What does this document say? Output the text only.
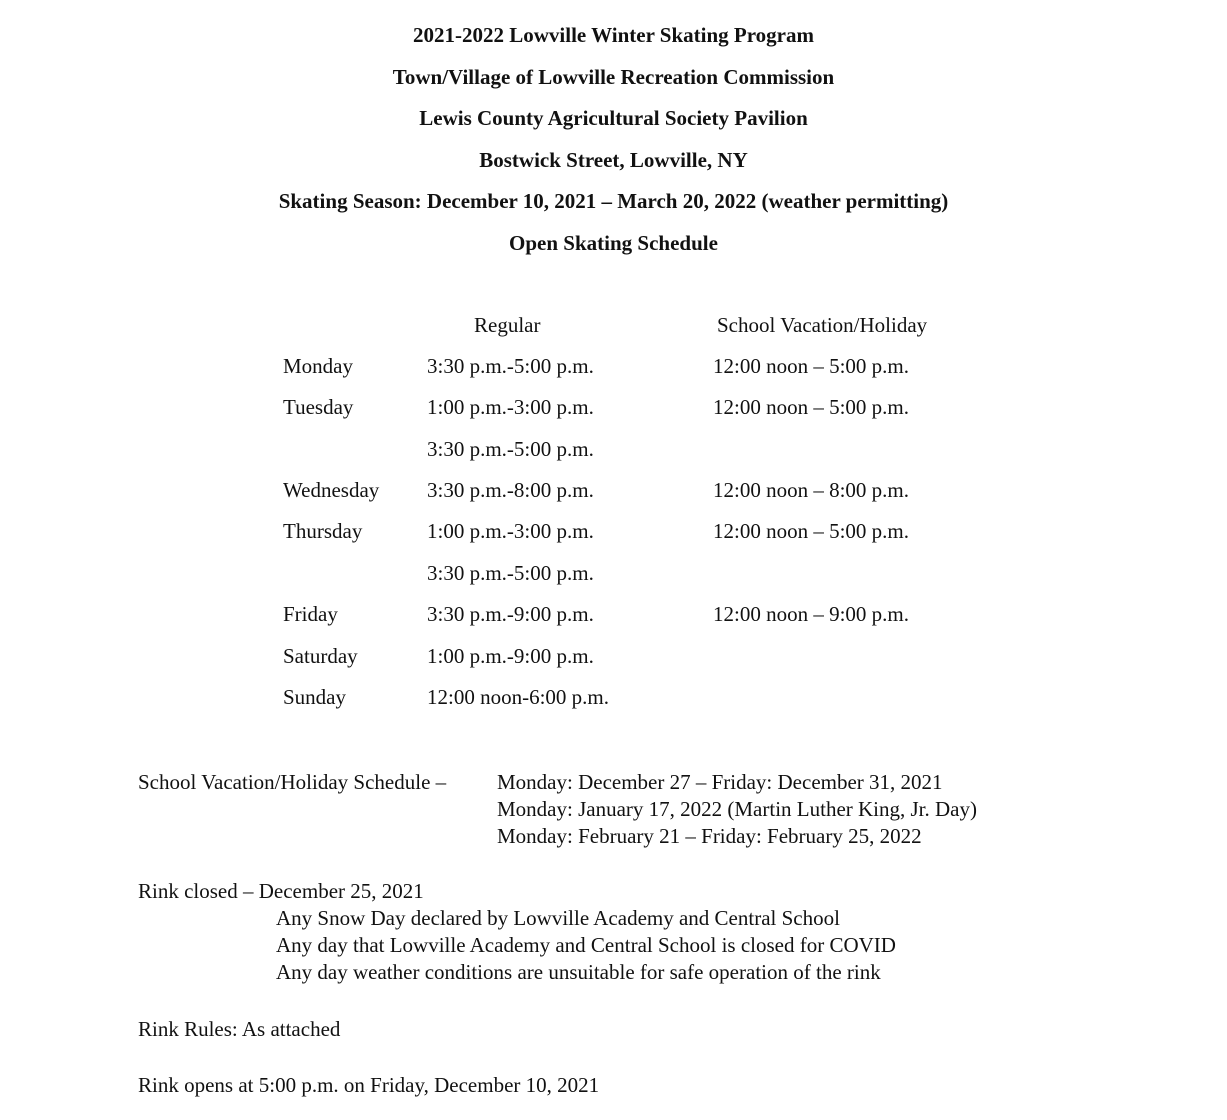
2021-2022 Lowville Winter Skating Program
Town/Village of Lowville Recreation Commission
Lewis County Agricultural Society Pavilion
Bostwick Street, Lowville, NY
Skating Season: December 10, 2021 – March 20, 2022 (weather permitting)
Open Skating Schedule
Regular	School Vacation/Holiday
Monday	3:30 p.m.-5:00 p.m.	12:00 noon – 5:00 p.m.
Tuesday	1:00 p.m.-3:00 p.m.	12:00 noon – 5:00 p.m.
3:30 p.m.-5:00 p.m.
Wednesday 3:30 p.m.-8:00 p.m.	12:00 noon – 8:00 p.m.
Thursday	1:00 p.m.-3:00 p.m.	12:00 noon – 5:00 p.m.
3:30 p.m.-5:00 p.m.
Friday	3:30 p.m.-9:00 p.m.	12:00 noon – 9:00 p.m.
Saturday	1:00 p.m.-9:00 p.m.
Sunday	12:00 noon-6:00 p.m.
School Vacation/Holiday Schedule – Monday: December 27 – Friday: December 31, 2021
Monday: January 17, 2022 (Martin Luther King, Jr. Day)
Monday: February 21 – Friday: February 25, 2022
Rink closed – December 25, 2021
Any Snow Day declared by Lowville Academy and Central School
Any day that Lowville Academy and Central School is closed for COVID
Any day weather conditions are unsuitable for safe operation of the rink
Rink Rules: As attached
Rink opens at 5:00 p.m. on Friday, December 10, 2021
